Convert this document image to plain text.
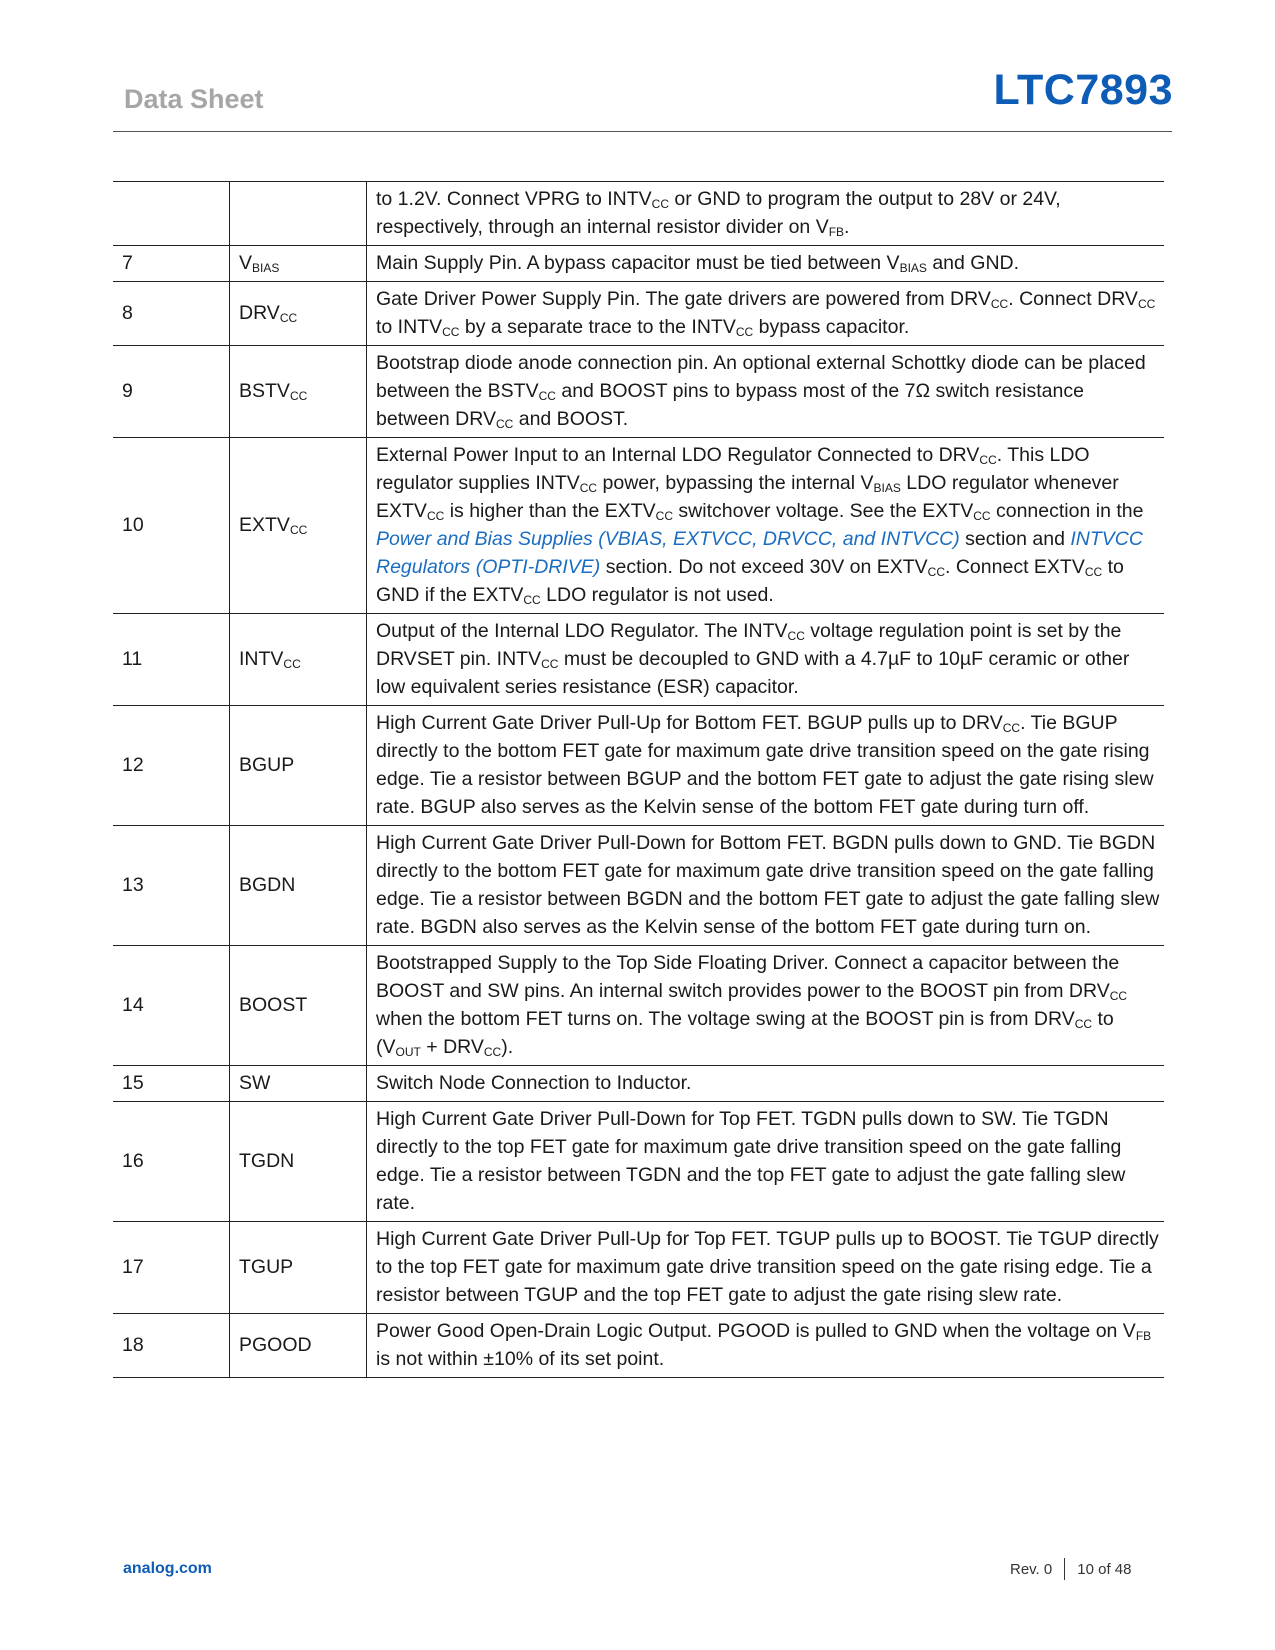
Data Sheet	LTC7893
		to 1.2V. Connect VPRG to $INTV_{CC}$ or GND to program the output to 28V or 24V, respectively, through an internal resistor divider on $V_{FB}$.
7	$V_{BIAS}$	Main Supply Pin. A bypass capacitor must be tied between $V_{BIAS}$ and GND.
8	$DRV_{CC}$	Gate Driver Power Supply Pin. The gate drivers are powered from $DRV_{CC}$. Connect $DRV_{CC}$ to $INTV_{CC}$ by a separate trace to the $INTV_{CC}$ bypass capacitor.
9	$BSTV_{CC}$	Bootstrap diode anode connection pin. An optional external Schottky diode can be placed between the $BSTV_{CC}$ and BOOST pins to bypass most of the 7Ω switch resistance between $DRV_{CC}$ and BOOST.
10	$EXTV_{CC}$	External Power Input to an Internal LDO Regulator Connected to $DRV_{CC}$. This LDO regulator supplies $INTV_{CC}$ power, bypassing the internal $V_{BIAS}$ LDO regulator whenever $EXTV_{CC}$ is higher than the $EXTV_{CC}$ switchover voltage. See the $EXTV_{CC}$ connection in the Power and Bias Supplies (VBIAS, EXTVCC, DRVCC, and INTVCC) section and INTVCC Regulators (OPTI-DRIVE) section. Do not exceed 30V on $EXTV_{CC}$. Connect $EXTV_{CC}$ to GND if the $EXTV_{CC}$ LDO regulator is not used.
11	$INTV_{CC}$	Output of the Internal LDO Regulator. The $INTV_{CC}$ voltage regulation point is set by the DRVSET pin. $INTV_{CC}$ must be decoupled to GND with a 4.7µF to 10µF ceramic or other low equivalent series resistance (ESR) capacitor.
12	BGUP	High Current Gate Driver Pull-Up for Bottom FET. BGUP pulls up to $DRV_{CC}$. Tie BGUP directly to the bottom FET gate for maximum gate drive transition speed on the gate rising edge. Tie a resistor between BGUP and the bottom FET gate to adjust the gate rising slew rate. BGUP also serves as the Kelvin sense of the bottom FET gate during turn off.
13	BGDN	High Current Gate Driver Pull-Down for Bottom FET. BGDN pulls down to GND. Tie BGDN directly to the bottom FET gate for maximum gate drive transition speed on the gate falling edge. Tie a resistor between BGDN and the bottom FET gate to adjust the gate falling slew rate. BGDN also serves as the Kelvin sense of the bottom FET gate during turn on.
14	BOOST	Bootstrapped Supply to the Top Side Floating Driver. Connect a capacitor between the BOOST and SW pins. An internal switch provides power to the BOOST pin from $DRV_{CC}$ when the bottom FET turns on. The voltage swing at the BOOST pin is from $DRV_{CC}$ to $(V_{OUT} + DRV_{CC})$.
15	SW	Switch Node Connection to Inductor.
16	TGDN	High Current Gate Driver Pull-Down for Top FET. TGDN pulls down to SW. Tie TGDN directly to the top FET gate for maximum gate drive transition speed on the gate falling edge. Tie a resistor between TGDN and the top FET gate to adjust the gate falling slew rate.
17	TGUP	High Current Gate Driver Pull-Up for Top FET. TGUP pulls up to BOOST. Tie TGUP directly to the top FET gate for maximum gate drive transition speed on the gate rising edge. Tie a resistor between TGUP and the top FET gate to adjust the gate rising slew rate.
18	PGOOD	Power Good Open-Drain Logic Output. PGOOD is pulled to GND when the voltage on $V_{FB}$ is not within ±10% of its set point.
analog.com	Rev. 0 10 of 48
